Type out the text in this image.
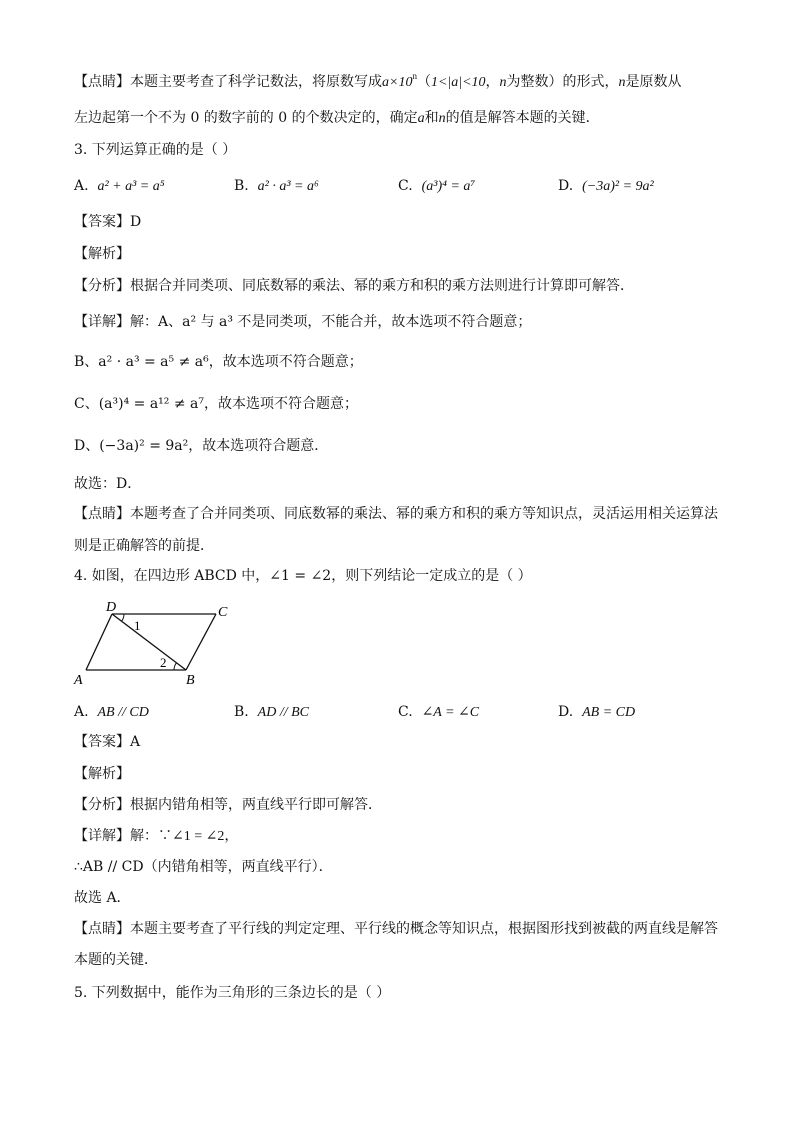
【点睛】本题主要考查了科学记数法，将原数写成$a\times 10^n(1<|a|<10$，n为整数）的形式，n是原数从
左边起第一个不为 0 的数字前的 0 的个数决定的，确定a和n的值是解答本题的关键．
3. 下列运算正确的是（ ）
A. a² + a³ = a⁵	B. a² · a³ = a⁶	C. (a³)⁴ = a⁷	D. (−3a)² = 9a²
【答案】D
【解析】
【分析】根据合并同类项、同底数幂的乘法、幂的乘方和积的乘方法则进行计算即可解答．
【详解】解：A、a² 与 a³ 不是同类项，不能合并，故本选项不符合题意；
B、a² · a³ = a⁵ ≠ a⁶，故本选项不符合题意；
C、(a³)⁴ = a¹² ≠ a⁷，故本选项不符合题意；
D、(−3a)² = 9a²，故本选项符合题意．
故选：D．
【点睛】本题考查了合并同类项、同底数幂的乘法、幂的乘方和积的乘方等知识点，灵活运用相关运算法
则是正确解答的前提．
4. 如图，在四边形 ABCD 中，∠1 = ∠2，则下列结论一定成立的是（ ）
D	C
A	B
1
2
A. AB // CD	B. AD // BC	C. ∠A = ∠C	D. AB = CD
【答案】A
【解析】
【分析】根据内错角相等，两直线平行即可解答．
【详解】解：∵∠1 = ∠2，
∴AB // CD（内错角相等，两直线平行）．
故选 A．
【点睛】本题主要考查了平行线的判定定理、平行线的概念等知识点，根据图形找到被截的两直线是解答
本题的关键．
5. 下列数据中，能作为三角形的三条边长的是（ ）
